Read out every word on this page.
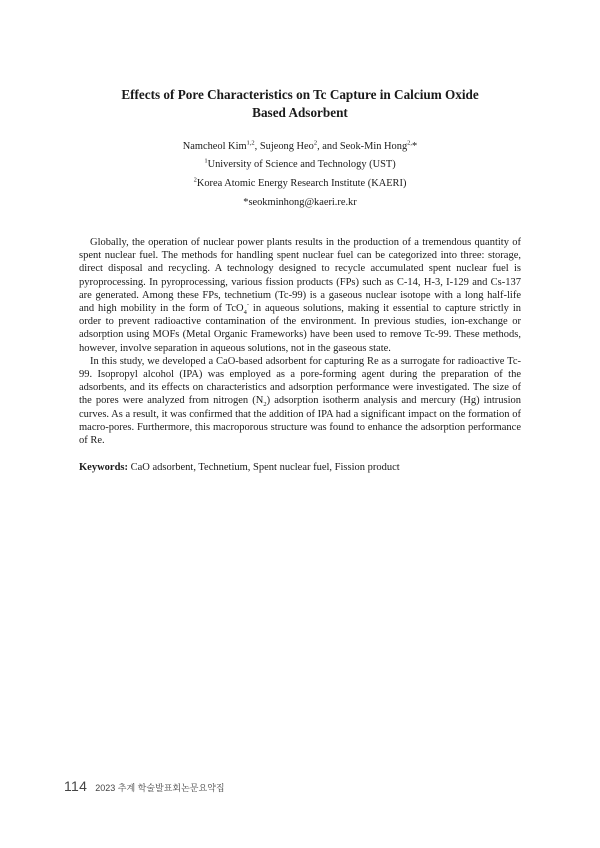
Effects of Pore Characteristics on Tc Capture in Calcium Oxide
Based Adsorbent
Namcheol Kim$^{1,2}$, Sujeong Heo$^2$, and Seok-Min Hong$^{2,}$*
$^1$University of Science and Technology (UST)
$^2$Korea Atomic Energy Research Institute (KAERI)
*seokminhong@kaeri.re.kr

Globally, the operation of nuclear power plants results in the production of a tremendous quantity of spent nuclear fuel. The methods for handling spent nuclear fuel can be categorized into three: storage, direct disposal and recycling. A technology designed to recycle accumulated spent nuclear fuel is pyroprocessing. In pyroprocessing, various fission products (FPs) such as C-14, H-3, I-129 and Cs-137 are generated. Among these FPs, technetium (Tc-99) is a gaseous nuclear isotope with a long half-life and high mobility in the form of TcO$_4$- in aqueous solutions, making it essential to capture strictly in order to prevent radioactive contamination of the environment. In previous studies, ion-exchange or adsorption using MOFs (Metal Organic Frameworks) have been used to remove Tc-99. These methods, however, involve separation in aqueous solutions, not in the gaseous state.

In this study, we developed a CaO-based adsorbent for capturing Re as a surrogate for radioactive Tc-99. Isopropyl alcohol (IPA) was employed as a pore-forming agent during the preparation of the adsorbents, and its effects on characteristics and adsorption performance were investigated. The size of the pores were analyzed from nitrogen $(N_2)$ adsorption isotherm analysis and mercury (Hg) intrusion curves. As a result, it was confirmed that the addition of IPA had a significant impact on the formation of macro-pores. Furthermore, this macroporous structure was found to enhance the adsorption performance of Re.

Keywords: CaO adsorbent, Technetium, Spent nuclear fuel, Fission product
114 2023 추계 학술발표회논문요약집
